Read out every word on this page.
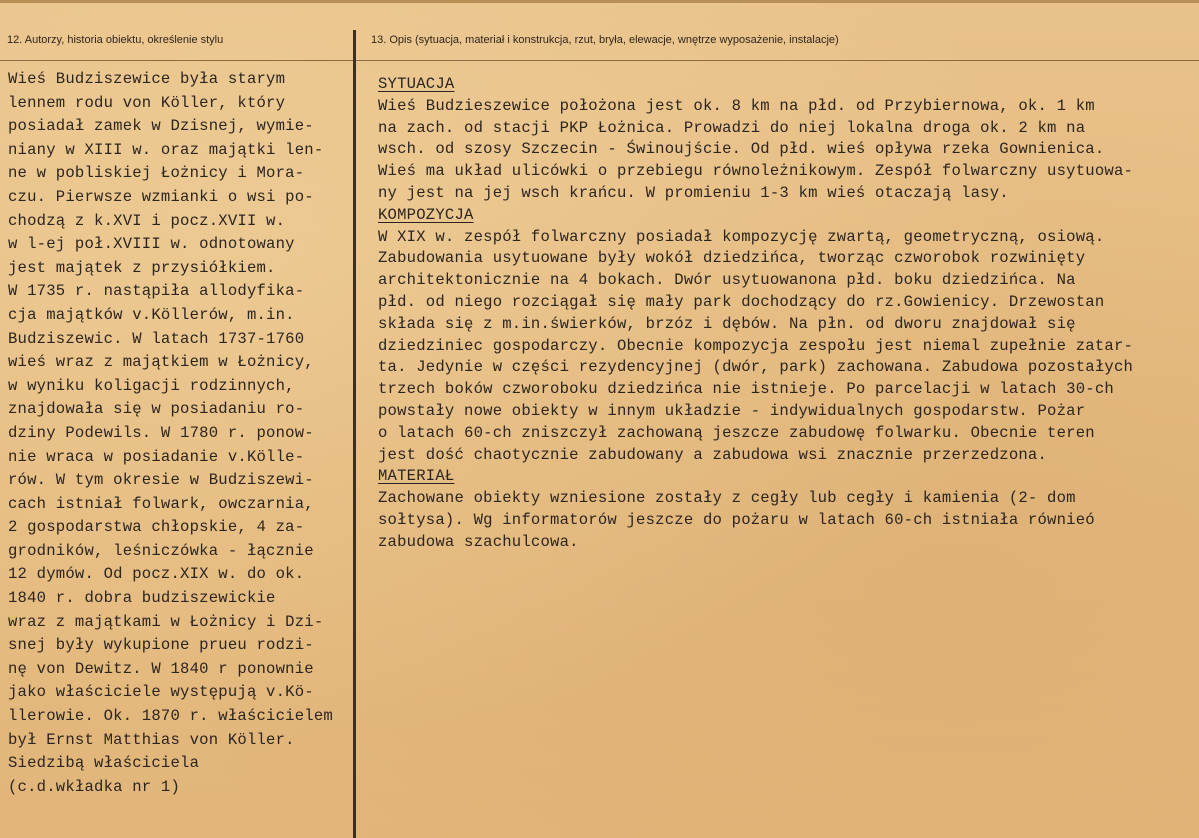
12. Autorzy, historia obiektu, określenie stylu	13. Opis (sytuacja, materiał i konstrukcja, rzut, bryła, elewacje, wnętrze wyposażenie, instalacje)
Wieś Budziszewice była starym
lennem rodu von Köller, który
posiadał zamek w Dzisnej, wymie-
niany w XIII w. oraz majątki len-
ne w pobliskiej Łożnicy i Mora-
czu. Pierwsze wzmianki o wsi po-
chodzą z k.XVI i pocz.XVII w.
w l-ej poł.XVIII w. odnotowany
jest majątek z przysiółkiem.
W 1735 r. nastąpiła allodyfika-
cja majątków v.Köllerów, m.in.
Budziszewic. W latach 1737-1760
wieś wraz z majątkiem w Łożnicy,
w wyniku koligacji rodzinnych,
znajdowała się w posiadaniu ro-
dziny Podewils. W 1780 r. ponow-
nie wraca w posiadanie v.Kölle-
rów. W tym okresie w Budziszewi-
cach istniał folwark, owczarnia,
2 gospodarstwa chłopskie, 4 za-
grodników, leśniczówka - łącznie
12 dymów. Od pocz.XIX w. do ok.
1840 r. dobra budziszewickie
wraz z majątkami w Łożnicy i Dzi-
snej były wykupione prueu rodzi-
nę von Dewitz. W 1840 r ponownie
jako właściciele występują v.Kö-
llerowie. Ok. 1870 r. właścicielem
był Ernst Matthias von Köller.
Siedzibą właściciela
(c.d.wkładka nr 1)
SYTUACJA
Wieś Budzieszewice położona jest ok. 8 km na płd. od Przybiernowa, ok. 1 km
na zach. od stacji PKP Łożnica. Prowadzi do niej lokalna droga ok. 2 km na
wsch. od szosy Szczecin - Świnoujście. Od płd. wieś opływa rzeka Gownienica.
Wieś ma układ ulicówki o przebiegu równoleżnikowym. Zespół folwarczny usytuowa-
ny jest na jej wsch krańcu. W promieniu 1-3 km wieś otaczają lasy.
KOMPOZYCJA
W XIX w. zespół folwarczny posiadał kompozycję zwartą, geometryczną, osiową.
Zabudowania usytuowane były wokół dziedzińca, tworząc czworobok rozwinięty
architektonicznie na 4 bokach. Dwór usytuowanona płd. boku dziedzińca. Na
płd. od niego rozciągał się mały park dochodzący do rz.Gowienicy. Drzewostan
składa się z m.in.świerków, brzóz i dębów. Na płn. od dworu znajdował się
dziedziniec gospodarczy. Obecnie kompozycja zespołu jest niemal zupełnie zatar-
ta. Jedynie w części rezydencyjnej (dwór, park) zachowana. Zabudowa pozostałych
trzech boków czworoboku dziedzińca nie istnieje. Po parcelacji w latach 30-ch
powstały nowe obiekty w innym układzie - indywidualnych gospodarstw. Pożar
o latach 60-ch zniszczył zachowaną jeszcze zabudowę folwarku. Obecnie teren
jest dość chaotycznie zabudowany a zabudowa wsi znacznie przerzedzona.
MATERIAŁ
Zachowane obiekty wzniesione zostały z cegły lub cegły i kamienia (2- dom
sołtysa). Wg informatorów jeszcze do pożaru w latach 60-ch istniała równieó
zabudowa szachulcowa.
